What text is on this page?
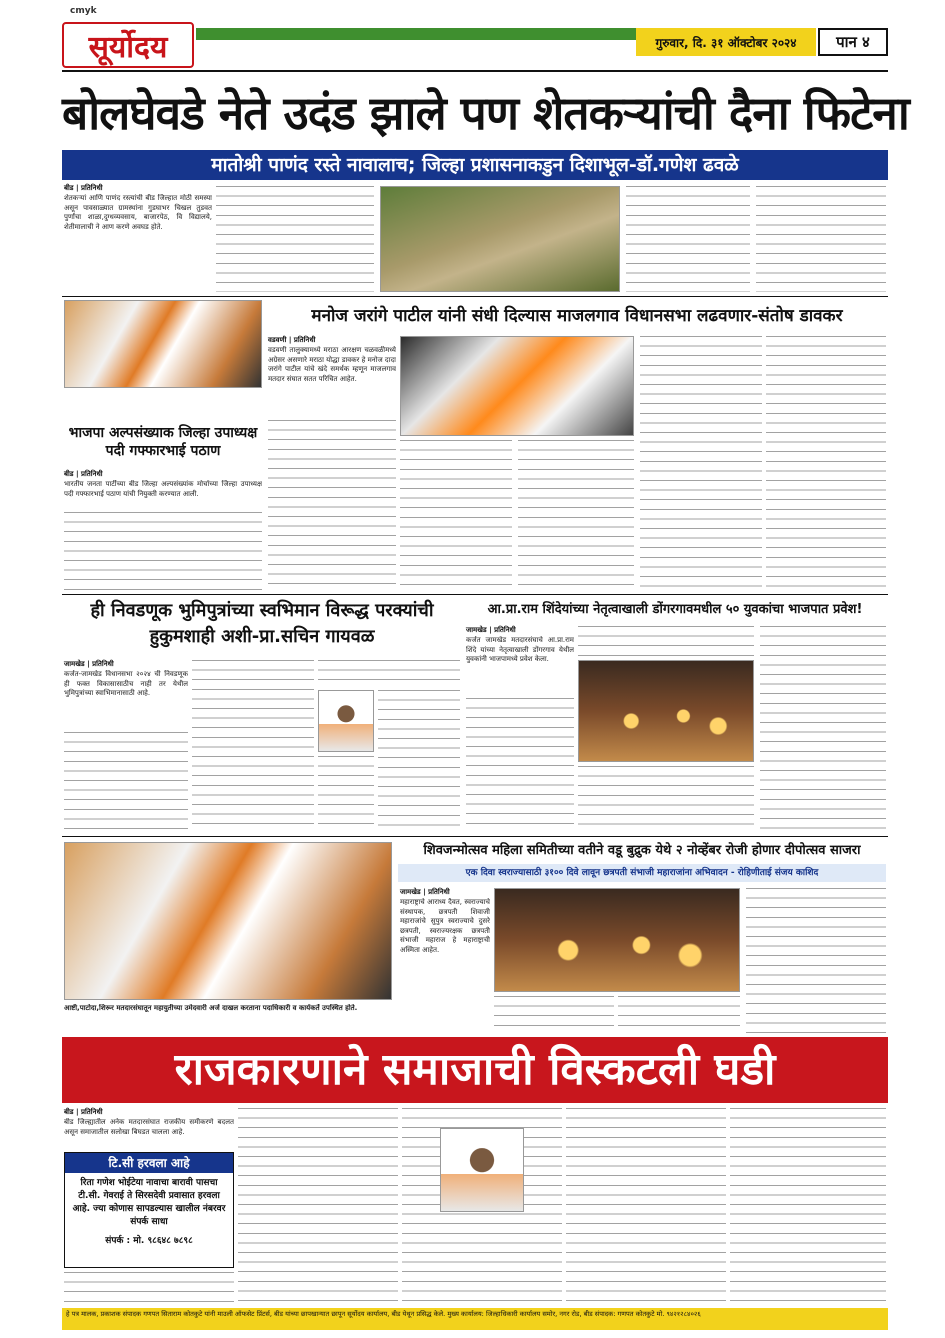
cmyk
सूर्योदय	गुरुवार, दि. ३१ ऑक्टोबर २०२४	पान ४
बोलघेवडे नेते उदंड झाले पण शेतकऱ्यांची दैना फिटेना
मातोश्री पाणंद रस्ते नावालाच; जिल्हा प्रशासनाकडुन दिशाभूल-डॉ.गणेश ढवळे
बीड | प्रतिनिधी
शेतकऱ्यां आणि पाणंद रस्त्यांची बीड जिल्हात मोठी समस्या असून पावसाळ्यात ग्रामस्थांना गुडघाभर चिखल तुडवत पुर्णांचा शाळा,दुग्धव्यवसाय, बाजारपेठ, वि विद्यालये, शेतीमालाची ने आण करणे अवघड होते.
मनोज जरांगे पाटील यांनी संधी दिल्यास माजलगाव विधानसभा लढवणार-संतोष डावकर
वडवणी | प्रतिनिधी
वडवणी तालुक्यामध्ये मराठा आरक्षण चळवळीमध्ये अग्रेसर असणारे मराठा योद्धा डावकर हे मनोज दादा जरांगे पाटील यांचे खंदे समर्थक म्हणून माजलगाव मतदार संघात सतत परिचित आहेत.
भाजपा अल्पसंख्याक जिल्हा उपाध्यक्ष पदी गफ्फारभाई पठाण
बीड | प्रतिनिधी
भारतीय जनता पार्टीच्या बीड जिल्हा अल्पसंख्यांक मोर्चाच्या जिल्हा उपाध्यक्ष पदी गफ्फारभाई पठाण यांची नियुक्ती करण्यात आली.
ही निवडणूक भुमिपुत्रांच्या स्वभिमान विरूद्ध परक्यांची हुकुमशाही अशी-प्रा.सचिन गायवळ
जामखेड | प्रतिनिधी
कर्जत-जामखेड विधानसभा २०२४ ची निवडणूक ही फक्त विकासासाठीच नाही तर येथील भुमिपुत्रांच्या स्वाभिमानासाठी आहे.
आ.प्रा.राम शिंदेयांच्या नेतृत्वाखाली डोंगरगावमधील ५० युवकांचा भाजपात प्रवेश!
जामखेड | प्रतिनिधी
कर्जत जामखेड मतदारसंघाचे आ.प्रा.राम शिंदे यांच्या नेतृत्वाखाली डोंगरगाव येथील युवकांनी भाजपामध्ये प्रवेश केला.
आष्टी,पाटोदा,शिरूर मतदारसंघातून महायुतीच्या उमेदवारी अर्ज दाखल करताना पदाधिकारी व कार्यकर्ते उपस्थित होते.
शिवजन्मोत्सव महिला समितीच्या वतीने वडू बुद्रुक येथे २ नोव्हेंबर रोजी होणार दीपोत्सव साजरा
एक दिवा स्वराज्यासाठी ३१०० दिवे लावून छत्रपती संभाजी महाराजांना अभिवादन - रोहिणीताई संजय काशिद
जामखेड | प्रतिनिधी
महाराष्ट्राचे आराध्य दैवत, स्वराज्याचे संस्थापक, छत्रपती शिवाजी महाराजांचे सुपुत्र स्वराज्याचे दुसरे छत्रपती, स्वराज्यरक्षक छत्रपती संभाजी महाराज हे महाराष्ट्राची अस्मिता आहेत.
राजकारणाने समाजाची विस्कटली घडी
बीड | प्रतिनिधी
बीड जिल्ह्यातील अनेक मतदारसंघात राजकीय समीकरणे बदलत असून समाजातील सलोखा बिघडत चालला आहे.
टि.सी हरवला आहे
रिता गणेश भोईटेया नावाचा बारावी पासचा टी.सी. गेवराई ते सिरसदेवी प्रवासात हरवला आहे. ज्या कोणास सापडल्यास खालील नंबरवर संपर्क साधा
संपर्क : मो. ९८६४८ ७८९८
हे पत्र मालक, प्रकाशक संपादक गणपत सिताराम कोतकुटे यांनी माउली ऑफसेट प्रिंटर्स, बीड यांच्या छापखान्यात छापून सूर्योदय कार्यालय, बीड येथून प्रसिद्ध केले. मुख्य कार्यालय: जिल्हाधिकारी कार्यालय समोर, नगर रोड, बीड संपादक: गणपत कोतकुटे मो. ९४२१२८४०२६
